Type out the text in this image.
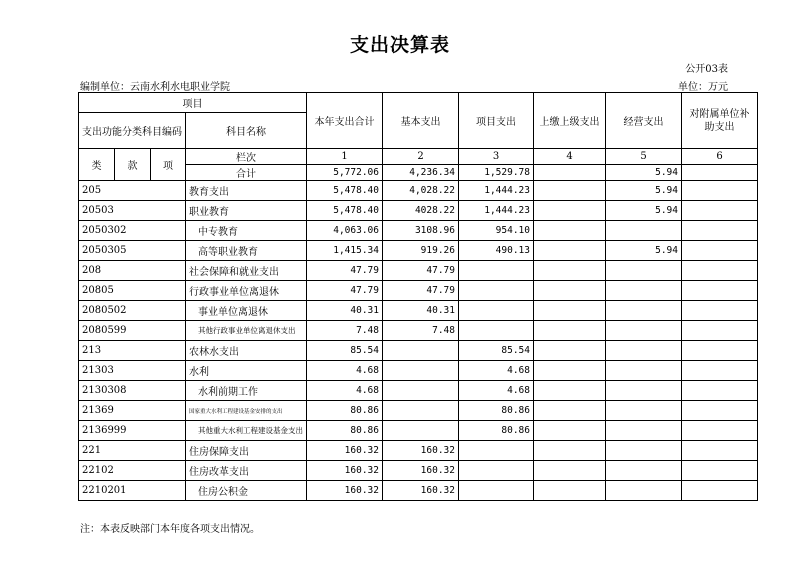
支出决算表
公开03表
编制单位：云南水利水电职业学院	单位：万元
项目				本年支出合计	基本支出	项目支出	上缴上级支出	经营支出	对附属单位补助支出
支出功能分类科目编码			科目名称						
类	款	项	栏次	1	2	3	4	5	6
			合计	5,772.06	4,236.34	1,529.78		5.94	
205			教育支出	5,478.40	4,028.22	1,444.23		5.94	
20503			职业教育	5,478.40	4028.22	1,444.23		5.94	
2050302			中专教育	4,063.06	3108.96	954.10			
2050305			高等职业教育	1,415.34	919.26	490.13		5.94	
208			社会保障和就业支出	47.79	47.79				
20805			行政事业单位离退休	47.79	47.79				
2080502			事业单位离退休	40.31	40.31				
2080599			其他行政事业单位离退休支出	7.48	7.48				
213			农林水支出	85.54		85.54			
21303			水利	4.68		4.68			
2130308			水利前期工作	4.68		4.68			
21369			国家重大水利工程建设基金安排的支出	80.86		80.86			
2136999			其他重大水利工程建设基金支出	80.86		80.86			
221			住房保障支出	160.32	160.32				
22102			住房改革支出	160.32	160.32				
2210201			住房公积金	160.32	160.32				
注：本表反映部门本年度各项支出情况。
